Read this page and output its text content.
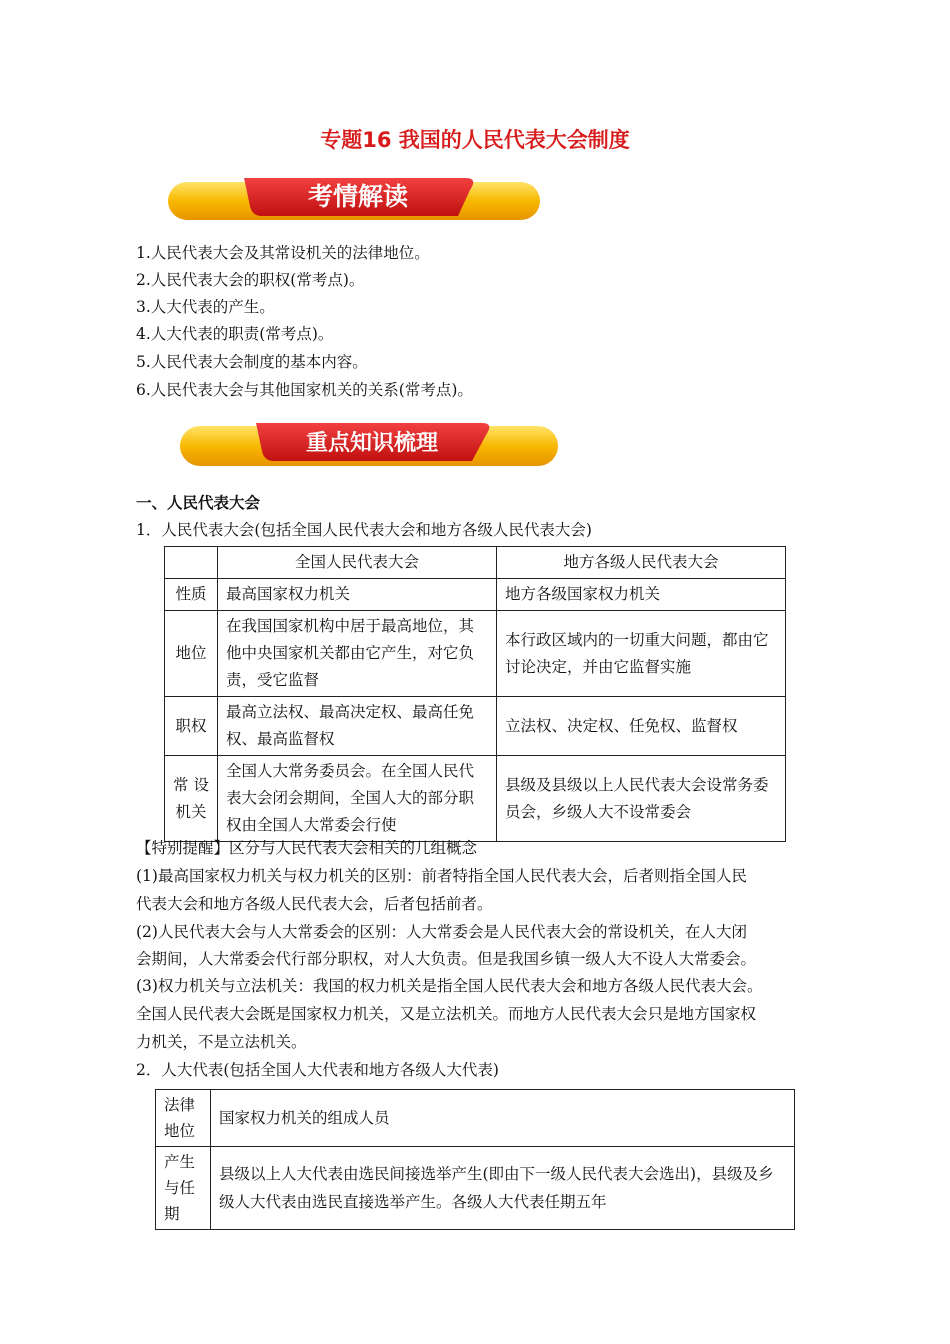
专题16 我国的人民代表大会制度
考情解读
1.人民代表大会及其常设机关的法律地位。
2.人民代表大会的职权(常考点)。
3.人大代表的产生。
4.人大代表的职责(常考点)。
5.人民代表大会制度的基本内容。
6.人民代表大会与其他国家机关的关系(常考点)。
重点知识梳理
一、人民代表大会
1．人民代表大会(包括全国人民代表大会和地方各级人民代表大会)
	全国人民代表大会	地方各级人民代表大会
性质	最高国家权力机关	地方各级国家权力机关
地位	在我国国家机构中居于最高地位，其他中央国家机关都由它产生，对它负责，受它监督	本行政区域内的一切重大问题，都由它讨论决定，并由它监督实施
职权	最高立法权、最高决定权、最高任免权、最高监督权	立法权、决定权、任免权、监督权
常 设机关	全国人大常务委员会。在全国人民代表大会闭会期间，全国人大的部分职权由全国人大常委会行使	县级及县级以上人民代表大会设常务委员会，乡级人大不设常委会
【特别提醒】区分与人民代表大会相关的几组概念
(1)最高国家权力机关与权力机关的区别：前者特指全国人民代表大会，后者则指全国人民
代表大会和地方各级人民代表大会，后者包括前者。
(2)人民代表大会与人大常委会的区别：人大常委会是人民代表大会的常设机关，在人大闭
会期间，人大常委会代行部分职权，对人大负责。但是我国乡镇一级人大不设人大常委会。
(3)权力机关与立法机关：我国的权力机关是指全国人民代表大会和地方各级人民代表大会。
全国人民代表大会既是国家权力机关，又是立法机关。而地方人民代表大会只是地方国家权
力机关，不是立法机关。
2．人大代表(包括全国人大代表和地方各级人大代表)
法律地位	国家权力机关的组成人员
产生与任期	县级以上人大代表由选民间接选举产生(即由下一级人民代表大会选出)，县级及乡级人大代表由选民直接选举产生。各级人大代表任期五年
